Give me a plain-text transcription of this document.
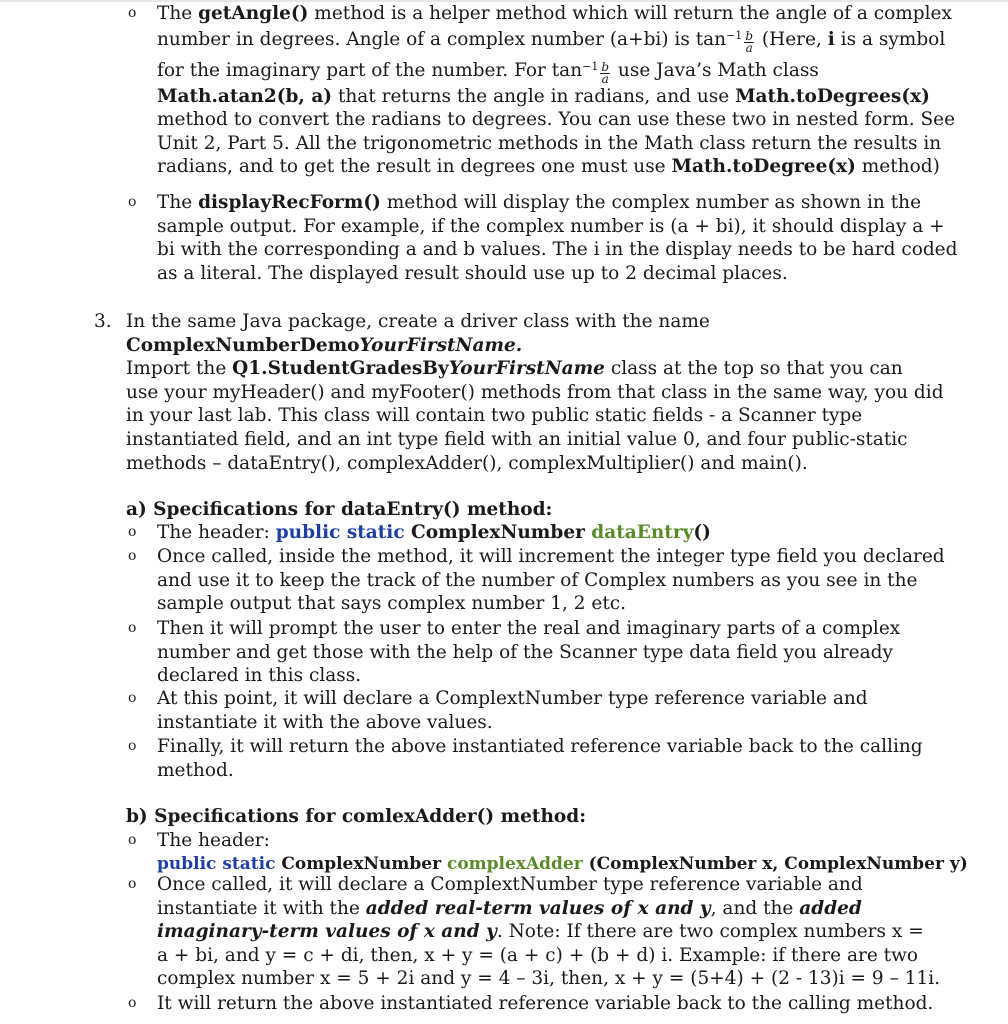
o The getAngle() method is a helper method which will return the angle of a complex
number in degrees. Angle of a complex number (a+bi) is $\tan^{-1} \frac{b}{a}$ (Here, i is a symbol
for the imaginary part of the number. For $\tan^{-1} \frac{b}{a}$ use Java’s Math class
Math.atan2(b, a) that returns the angle in radians, and use Math.toDegrees(x)
method to convert the radians to degrees. You can use these two in nested form. See
Unit 2, Part 5. All the trigonometric methods in the Math class return the results in
radians, and to get the result in degrees one must use Math.toDegree(x) method)
o The displayRecForm() method will display the complex number as shown in the
sample output. For example, if the complex number is (a + bi), it should display a +
bi with the corresponding a and b values. The i in the display needs to be hard coded
as a literal. The displayed result should use up to 2 decimal places.
3. In the same Java package, create a driver class with the name
ComplexNumberDemoYourFirstName.
Import the Q1.StudentGradesByYourFirstName class at the top so that you can
use your myHeader() and myFooter() methods from that class in the same way, you did
in your last lab. This class will contain two public static fields - a Scanner type
instantiated field, and an int type field with an initial value 0, and four public-static
methods – dataEntry(), complexAdder(), complexMultiplier() and main().
a) Specifications for dataEntry() method:
o The header: public static ComplexNumber dataEntry()
o Once called, inside the method, it will increment the integer type field you declared
and use it to keep the track of the number of Complex numbers as you see in the
sample output that says complex number 1, 2 etc.
o Then it will prompt the user to enter the real and imaginary parts of a complex
number and get those with the help of the Scanner type data field you already
declared in this class.
o At this point, it will declare a ComplextNumber type reference variable and
instantiate it with the above values.
o Finally, it will return the above instantiated reference variable back to the calling
method.
b) Specifications for comlexAdder() method:
o The header:
public static ComplexNumber complexAdder (ComplexNumber x, ComplexNumber y)
o Once called, it will declare a ComplextNumber type reference variable and
instantiate it with the added real-term values of x and y, and the added
imaginary-term values of x and y. Note: If there are two complex numbers x =
a + bi, and y = c + di, then, x + y = (a + c) + (b + d) i. Example: if there are two
complex number x = 5 + 2i and y = 4 – 3i, then, x + y = (5+4) + (2 - 13)i = 9 – 11i.
o It will return the above instantiated reference variable back to the calling method.
